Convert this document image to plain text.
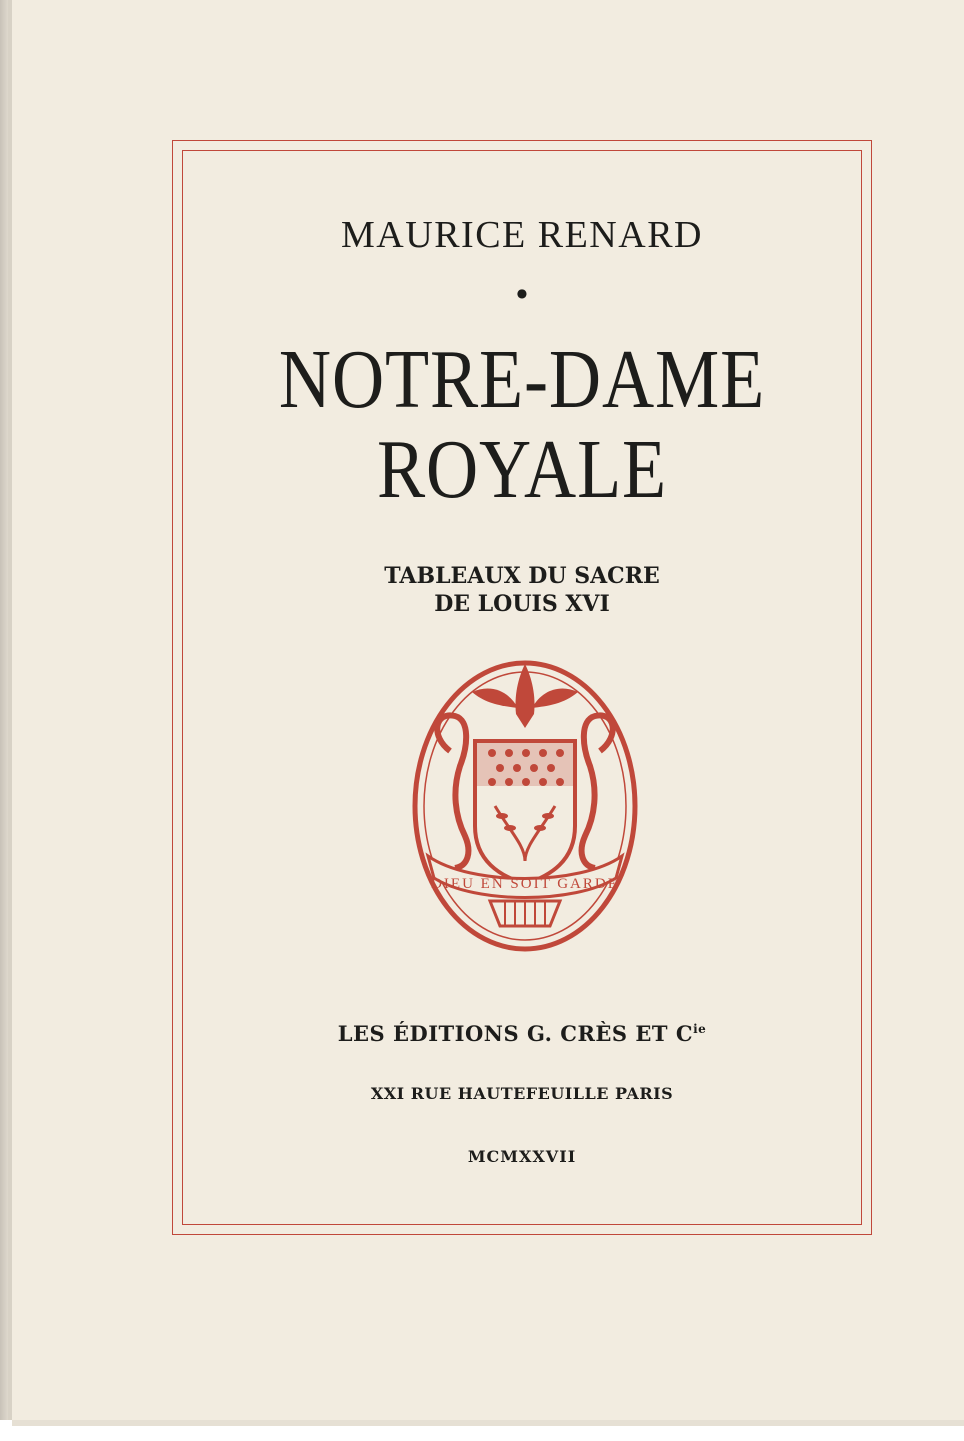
MAURICE RENARD
●
NOTRE-DAME
ROYALE
TABLEAUX DU SACRE
DE LOUIS XVI
DIEU EN SOIT GARDE
LES ÉDITIONS G. CRÈS ET $C^{ie}$
XXI RUE HAUTEFEUILLE PARIS
MCMXXVII
